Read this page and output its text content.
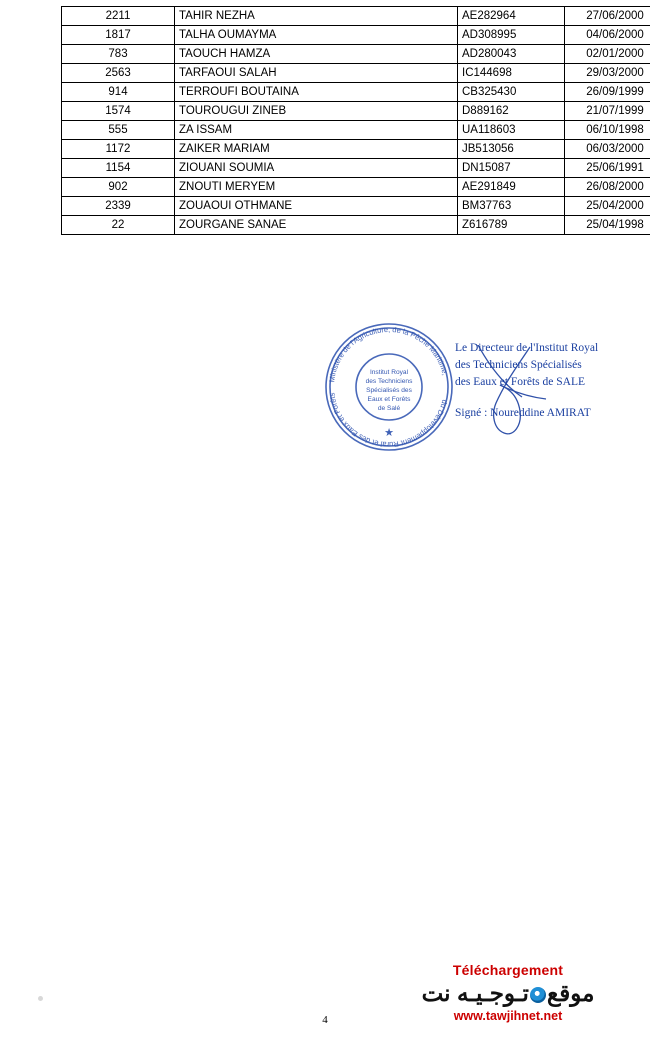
2211	TAHIR NEZHA	AE282964	27/06/2000
1817	TALHA OUMAYMA	AD308995	04/06/2000
783	TAOUCH HAMZA	AD280043	02/01/2000
2563	TARFAOUI SALAH	IC144698	29/03/2000
914	TERROUFI BOUTAINA	CB325430	26/09/1999
1574	TOUROUGUI ZINEB	D889162	21/07/1999
555	ZA ISSAM	UA118603	06/10/1998
1172	ZAIKER MARIAM	JB513056	06/03/2000
1154	ZIOUANI SOUMIA	DN15087	25/06/1991
902	ZNOUTI MERYEM	AE291849	26/08/2000
2339	ZOUAOUI OTHMANE	BM37763	25/04/2000
22	ZOURGANE SANAE	Z616789	25/04/1998
Ministère de l'Agriculture, de la Pêche Maritime,
du Développement Rural et des Eaux et Forêts
Institut Royal
des Techniciens
Spécialisés des
Eaux et Forêts
de Salé
★
Le Directeur de l'Institut Royal
des Techniciens Spécialisés
des Eaux et Forêts de SALE
Signé : Noureddine AMIRAT
4
Téléchargement
موقعتـوجـيـه نت
www.tawjihnet.net
